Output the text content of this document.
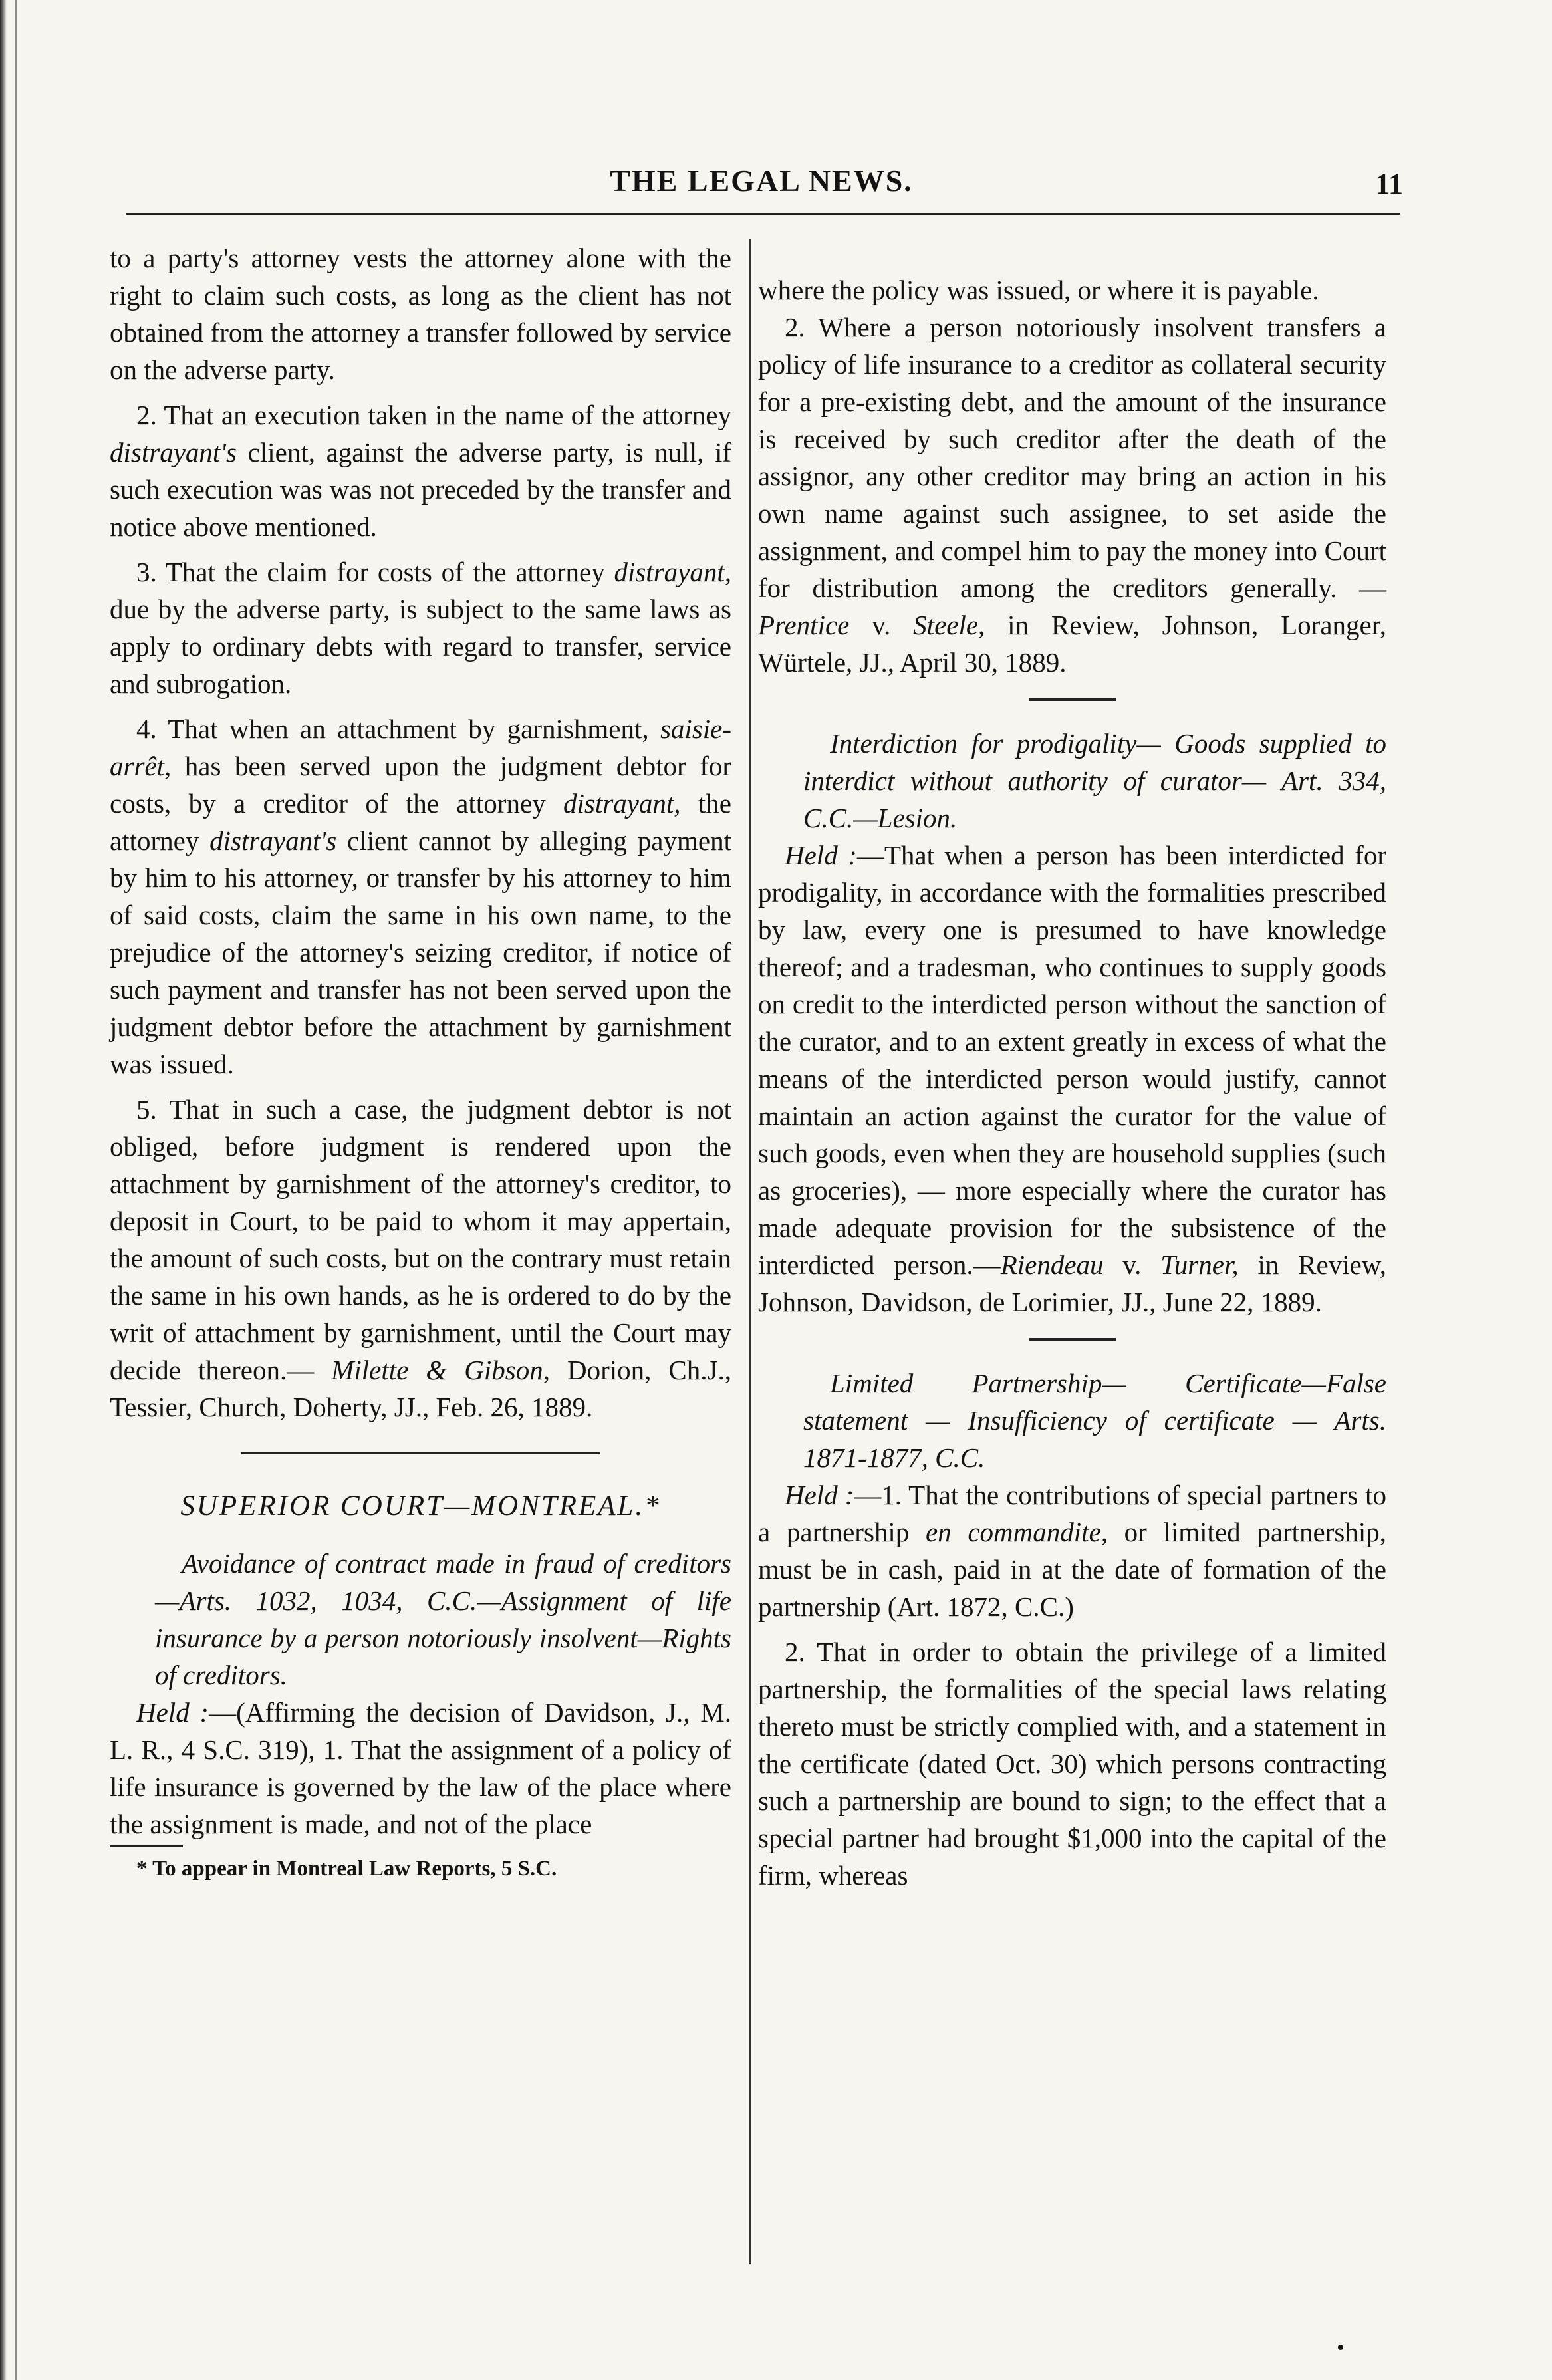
THE LEGAL NEWS.	11

to a party's attorney vests the attorney alone with the right to claim such costs, as long as the client has not obtained from the attorney a transfer followed by service on the adverse party.

2. That an execution taken in the name of the attorney distrayant's client, against the adverse party, is null, if such execution was was not preceded by the transfer and notice above mentioned.

3. That the claim for costs of the attorney distrayant, due by the adverse party, is subject to the same laws as apply to ordinary debts with regard to transfer, service and subrogation.

4. That when an attachment by garnishment, saisie-arrêt, has been served upon the judgment debtor for costs, by a creditor of the attorney distrayant, the attorney distrayant's client cannot by alleging payment by him to his attorney, or transfer by his attorney to him of said costs, claim the same in his own name, to the prejudice of the attorney's seizing creditor, if notice of such payment and transfer has not been served upon the judgment debtor before the attachment by garnishment was issued.

5. That in such a case, the judgment debtor is not obliged, before judgment is rendered upon the attachment by garnishment of the attorney's creditor, to deposit in Court, to be paid to whom it may appertain, the amount of such costs, but on the contrary must retain the same in his own hands, as he is ordered to do by the writ of attachment by garnishment, until the Court may decide thereon.— Milette & Gibson, Dorion, Ch.J., Tessier, Church, Doherty, JJ., Feb. 26, 1889.

SUPERIOR COURT—MONTREAL.*

Avoidance of contract made in fraud of creditors —Arts. 1032, 1034, C.C.—Assignment of life insurance by a person notoriously insolvent—Rights of creditors.

Held :—(Affirming the decision of Davidson, J., M. L. R., 4 S.C. 319), 1. That the assignment of a policy of life insurance is governed by the law of the place where the assignment is made, and not of the place

* To appear in Montreal Law Reports, 5 S.C.

where the policy was issued, or where it is payable.

2. Where a person notoriously insolvent transfers a policy of life insurance to a creditor as collateral security for a pre-existing debt, and the amount of the insurance is received by such creditor after the death of the assignor, any other creditor may bring an action in his own name against such assignee, to set aside the assignment, and compel him to pay the money into Court for distribution among the creditors generally. — Prentice v. Steele, in Review, Johnson, Loranger, Würtele, JJ., April 30, 1889.

Interdiction for prodigality— Goods supplied to interdict without authority of curator— Art. 334, C.C.—Lesion.

Held :—That when a person has been interdicted for prodigality, in accordance with the formalities prescribed by law, every one is presumed to have knowledge thereof; and a tradesman, who continues to supply goods on credit to the interdicted person without the sanction of the curator, and to an extent greatly in excess of what the means of the interdicted person would justify, cannot maintain an action against the curator for the value of such goods, even when they are household supplies (such as groceries), — more especially where the curator has made adequate provision for the subsistence of the interdicted person.—Riendeau v. Turner, in Review, Johnson, Davidson, de Lorimier, JJ., June 22, 1889.

Limited Partnership— Certificate—False statement — Insufficiency of certificate — Arts. 1871-1877, C.C.

Held :—1. That the contributions of special partners to a partnership en commandite, or limited partnership, must be in cash, paid in at the date of formation of the partnership (Art. 1872, C.C.)

2. That in order to obtain the privilege of a limited partnership, the formalities of the special laws relating thereto must be strictly complied with, and a statement in the certificate (dated Oct. 30) which persons contracting such a partnership are bound to sign; to the effect that a special partner had brought $1,000 into the capital of the firm, whereas

•
